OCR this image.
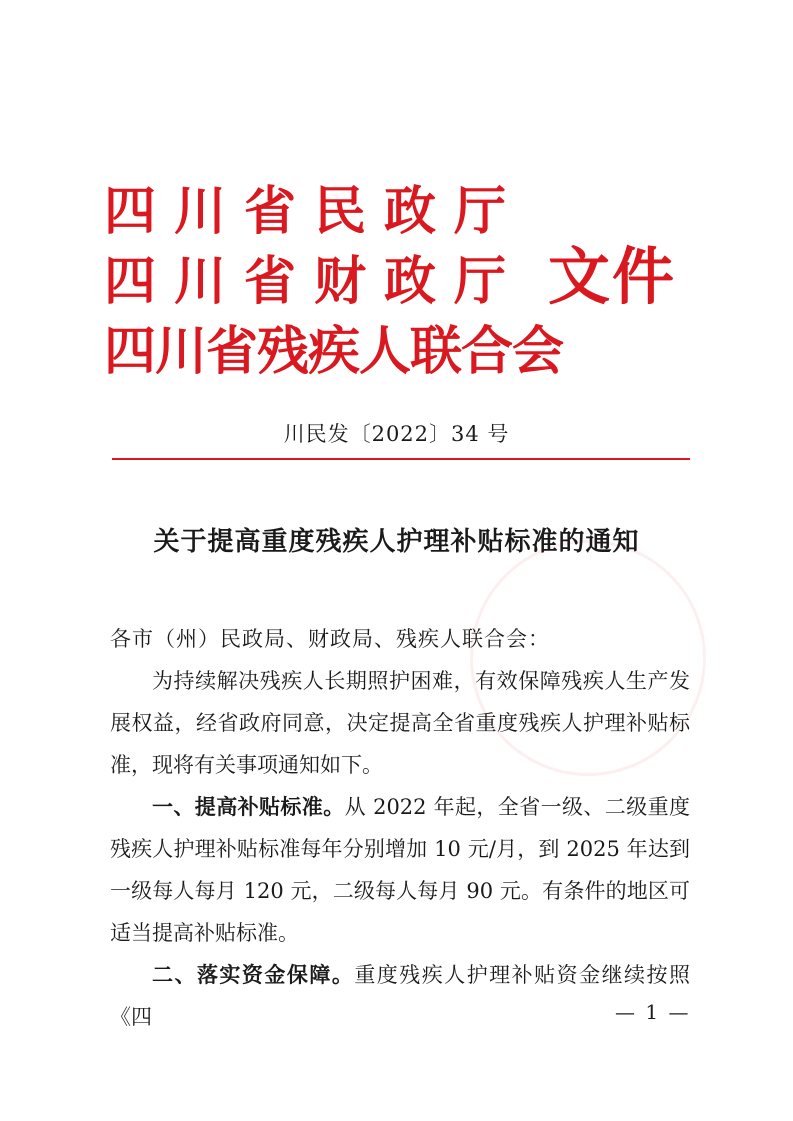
四川省民政厅
四川省财政厅
四川省残疾人联合会
文件
川民发〔2022〕34 号
关于提高重度残疾人护理补贴标准的通知

各市（州）民政局、财政局、残疾人联合会：

为持续解决残疾人长期照护困难，有效保障残疾人生产发展权益，经省政府同意，决定提高全省重度残疾人护理补贴标准，现将有关事项通知如下。

一、提高补贴标准。从 2022 年起，全省一级、二级重度残疾人护理补贴标准每年分别增加 10 元/月，到 2025 年达到一级每人每月 120 元，二级每人每月 90 元。有条件的地区可适当提高补贴标准。

二、落实资金保障。重度残疾人护理补贴资金继续按照《四	— 1 —
